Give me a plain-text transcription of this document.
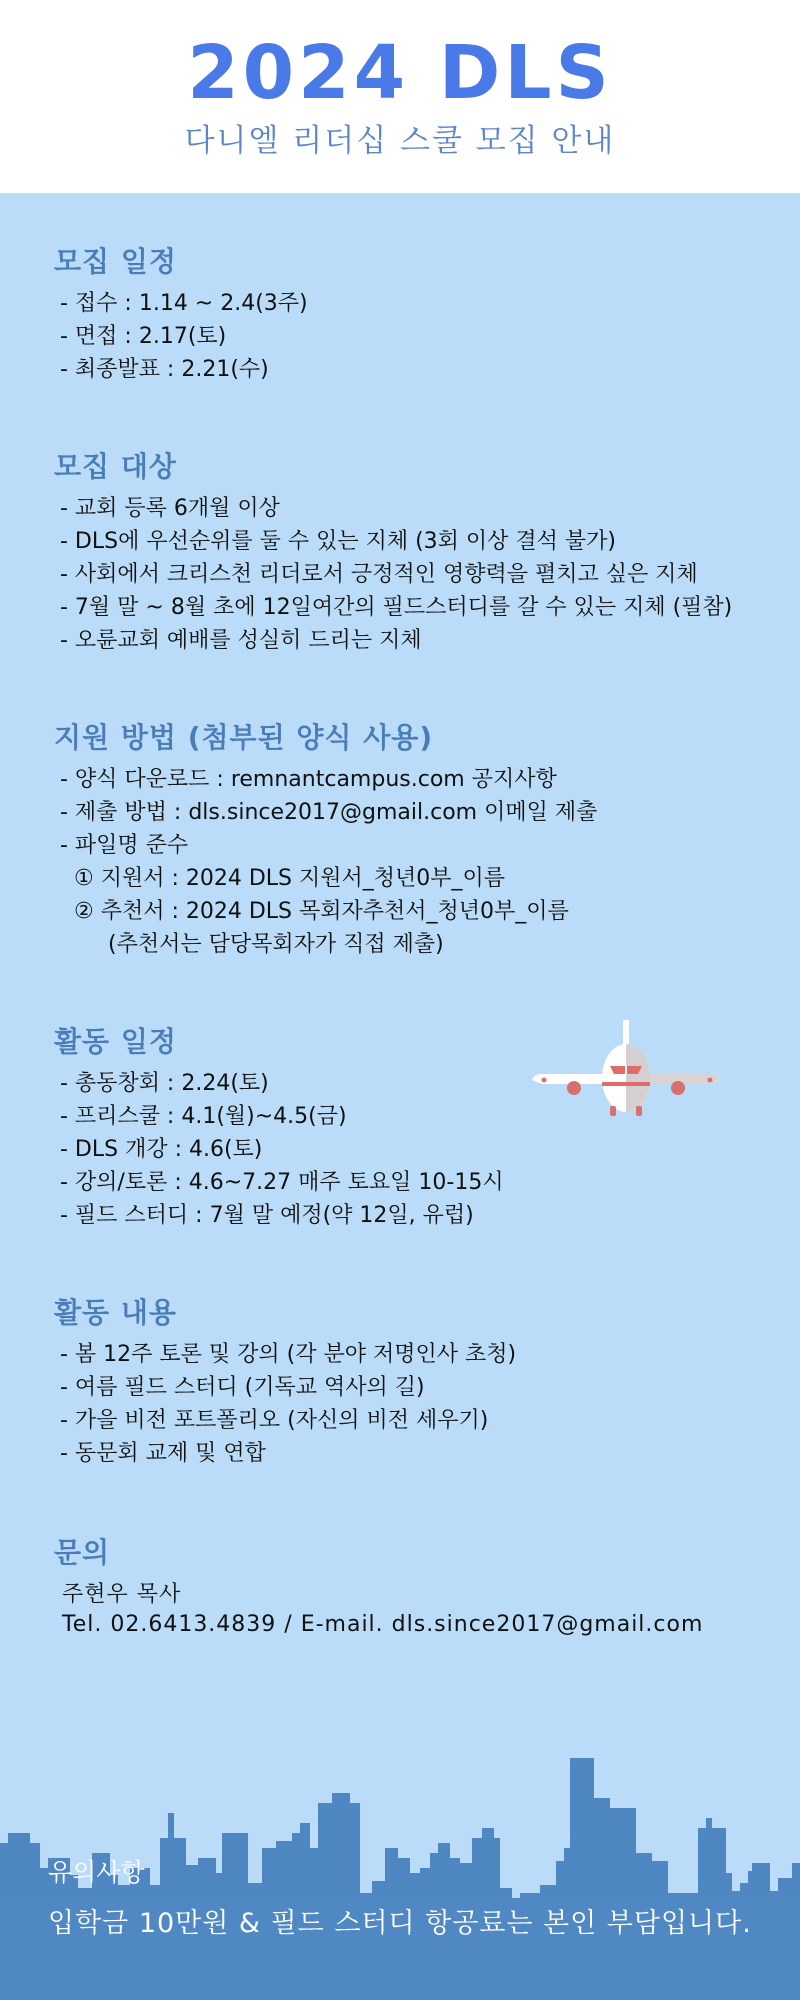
2024 DLS
다니엘 리더십 스쿨 모집 안내
모집 일정
- 접수 : 1.14 ~ 2.4(3주)
- 면접 : 2.17(토)
- 최종발표 : 2.21(수)
모집 대상
- 교회 등록 6개월 이상
- DLS에 우선순위를 둘 수 있는 지체 (3회 이상 결석 불가)
- 사회에서 크리스천 리더로서 긍정적인 영향력을 펼치고 싶은 지체
- 7월 말 ~ 8월 초에 12일여간의 필드스터디를 갈 수 있는 지체 (필참)
- 오륜교회 예배를 성실히 드리는 지체
지원 방법 (첨부된 양식 사용)
- 양식 다운로드 : remnantcampus.com 공지사항
- 제출 방법 : dls.since2017@gmail.com 이메일 제출
- 파일명 준수
① 지원서 : 2024 DLS 지원서_청년0부_이름
② 추천서 : 2024 DLS 목회자추천서_청년0부_이름
(추천서는 담당목회자가 직접 제출)
활동 일정
- 총동창회 : 2.24(토)
- 프리스쿨 : 4.1(월)~4.5(금)
- DLS 개강 : 4.6(토)
- 강의/토론 : 4.6~7.27 매주 토요일 10-15시
- 필드 스터디 : 7월 말 예정(약 12일, 유럽)
활동 내용
- 봄 12주 토론 및 강의 (각 분야 저명인사 초청)
- 여름 필드 스터디 (기독교 역사의 길)
- 가을 비전 포트폴리오 (자신의 비전 세우기)
- 동문회 교제 및 연합
문의
주현우 목사
Tel. 02.6413.4839 / E-mail. dls.since2017@gmail.com
유의사항
입학금 10만원 & 필드 스터디 항공료는 본인 부담입니다.
